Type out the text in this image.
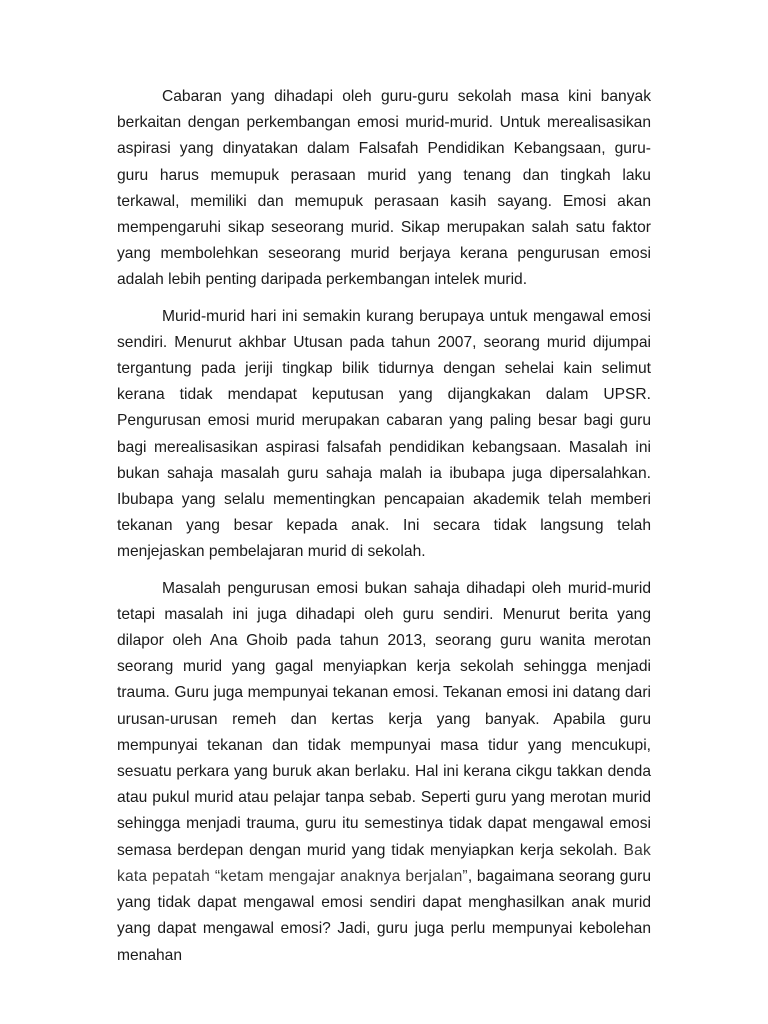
Cabaran yang dihadapi oleh guru-guru sekolah masa kini banyak berkaitan dengan perkembangan emosi murid-murid. Untuk merealisasikan aspirasi yang dinyatakan dalam Falsafah Pendidikan Kebangsaan, guru- guru harus memupuk perasaan murid yang tenang dan tingkah laku terkawal, memiliki dan memupuk perasaan kasih sayang. Emosi akan mempengaruhi sikap seseorang murid. Sikap merupakan salah satu faktor yang membolehkan seseorang murid berjaya kerana pengurusan emosi adalah lebih penting daripada perkembangan intelek murid.

Murid-murid hari ini semakin kurang berupaya untuk mengawal emosi sendiri. Menurut akhbar Utusan pada tahun 2007, seorang murid dijumpai tergantung pada jeriji tingkap bilik tidurnya dengan sehelai kain selimut kerana tidak mendapat keputusan yang dijangkakan dalam UPSR. Pengurusan emosi murid merupakan cabaran yang paling besar bagi guru bagi merealisasikan aspirasi falsafah pendidikan kebangsaan. Masalah ini bukan sahaja masalah guru sahaja malah ia ibubapa juga dipersalahkan. Ibubapa yang selalu mementingkan pencapaian akademik telah memberi tekanan yang besar kepada anak. Ini secara tidak langsung telah menjejaskan pembelajaran murid di sekolah.

Masalah pengurusan emosi bukan sahaja dihadapi oleh murid-murid tetapi masalah ini juga dihadapi oleh guru sendiri. Menurut berita yang dilapor oleh Ana Ghoib pada tahun 2013, seorang guru wanita merotan seorang murid yang gagal menyiapkan kerja sekolah sehingga menjadi trauma. Guru juga mempunyai tekanan emosi. Tekanan emosi ini datang dari urusan-urusan remeh dan kertas kerja yang banyak. Apabila guru mempunyai tekanan dan tidak mempunyai masa tidur yang mencukupi, sesuatu perkara yang buruk akan berlaku. Hal ini kerana cikgu takkan denda atau pukul murid atau pelajar tanpa sebab. Seperti guru yang merotan murid sehingga menjadi trauma, guru itu semestinya tidak dapat mengawal emosi semasa berdepan dengan murid yang tidak menyiapkan kerja sekolah. Bak kata pepatah “ketam mengajar anaknya berjalan”, bagaimana seorang guru yang tidak dapat mengawal emosi sendiri dapat menghasilkan anak murid yang dapat mengawal emosi? Jadi, guru juga perlu mempunyai kebolehan menahan
